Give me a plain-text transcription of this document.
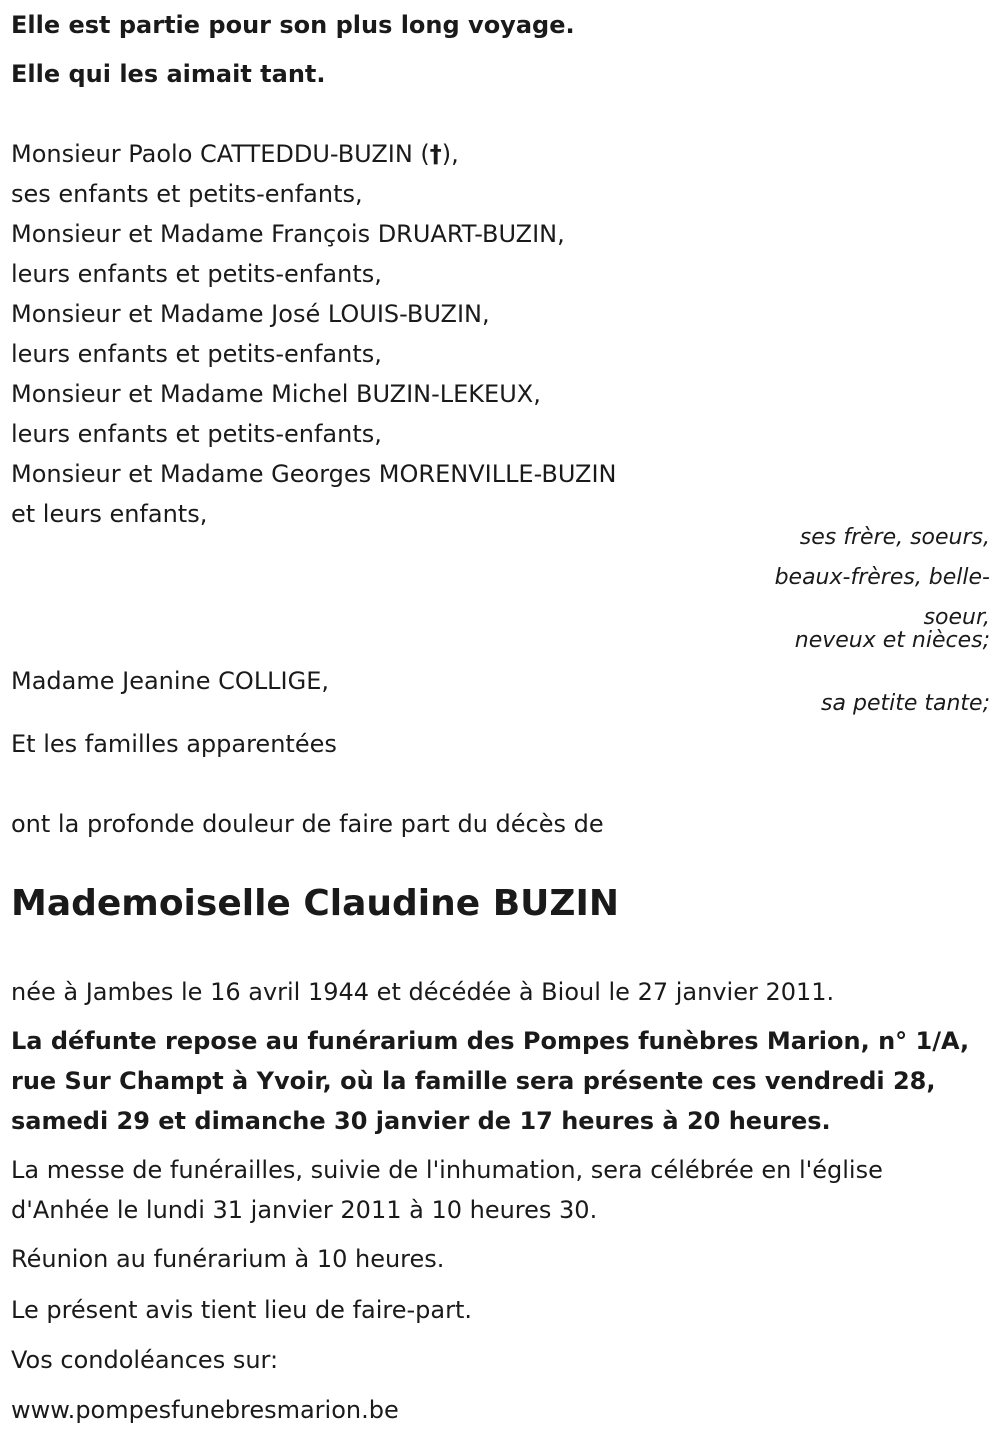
Elle est partie pour son plus long voyage.
Elle qui les aimait tant.
Monsieur Paolo CATTEDDU-BUZIN (†),
ses enfants et petits-enfants,
Monsieur et Madame François DRUART-BUZIN,
leurs enfants et petits-enfants,
Monsieur et Madame José LOUIS-BUZIN,
leurs enfants et petits-enfants,
Monsieur et Madame Michel BUZIN-LEKEUX,
leurs enfants et petits-enfants,
Monsieur et Madame Georges MORENVILLE-BUZIN
et leurs enfants,
ses frère, soeurs,
beaux-frères, belle-
soeur,
neveux et nièces;
Madame Jeanine COLLIGE,
sa petite tante;
Et les familles apparentées
ont la profonde douleur de faire part du décès de
Mademoiselle Claudine BUZIN
née à Jambes le 16 avril 1944 et décédée à Bioul le 27 janvier 2011.
La défunte repose au funérarium des Pompes funèbres Marion, n° 1/A,
rue Sur Champt à Yvoir, où la famille sera présente ces vendredi 28,
samedi 29 et dimanche 30 janvier de 17 heures à 20 heures.
La messe de funérailles, suivie de l'inhumation, sera célébrée en l'église
d'Anhée le lundi 31 janvier 2011 à 10 heures 30.
Réunion au funérarium à 10 heures.
Le présent avis tient lieu de faire-part.
Vos condoléances sur:
www.pompesfunebresmarion.be
